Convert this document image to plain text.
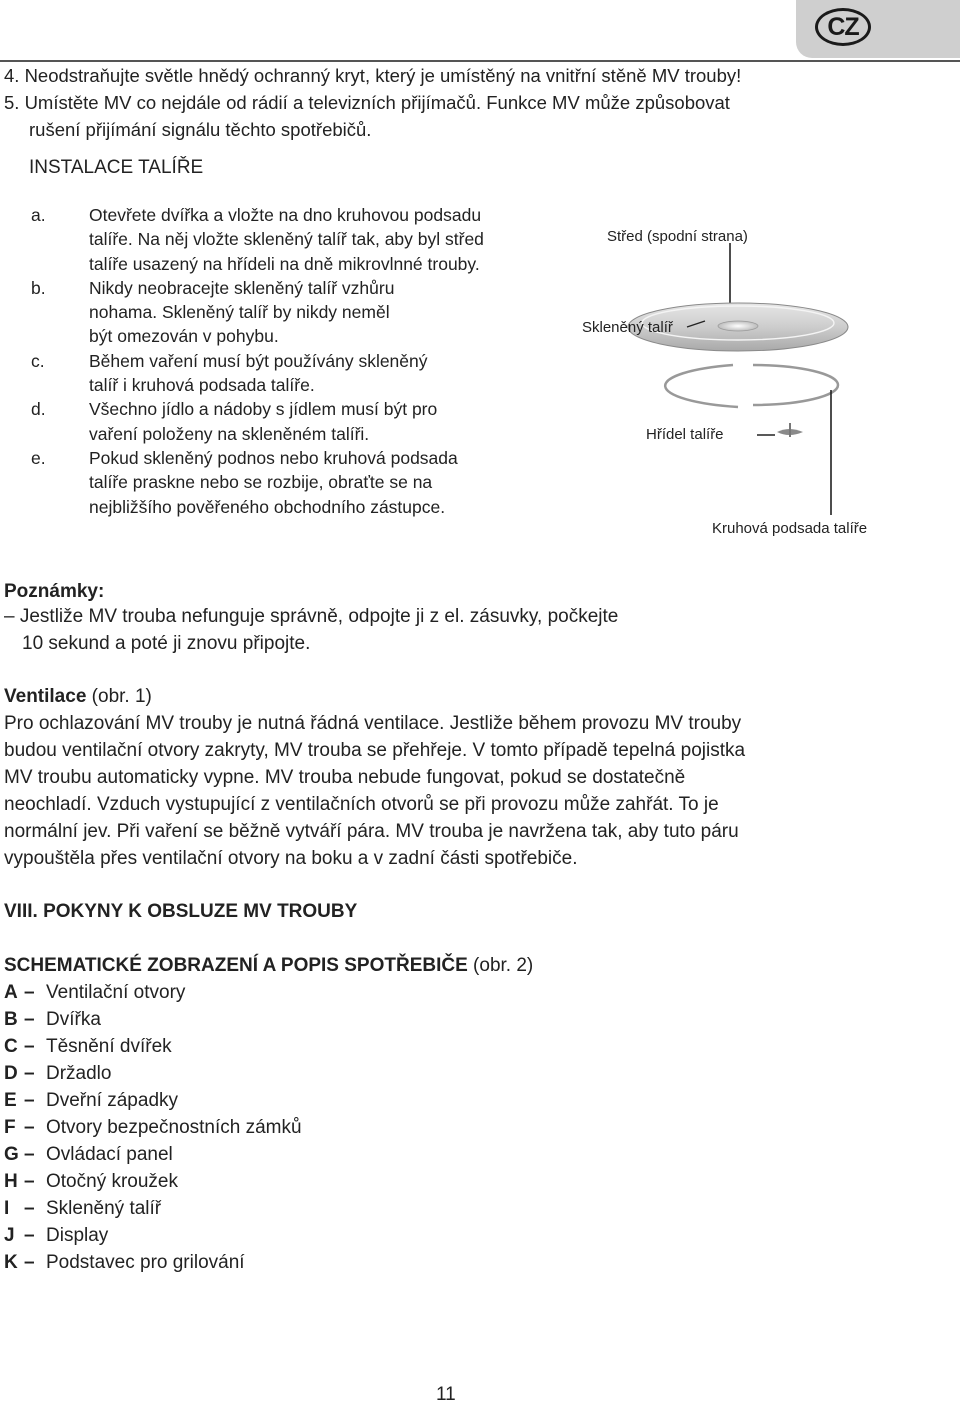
CZ
4. Neodstraňujte světle hnědý ochranný kryt, který je umístěný na vnitřní stěně MV trouby!
5. Umístěte MV co nejdále od rádií a televizních přijímačů. Funkce MV může způsobovat
rušení přijímání signálu těchto spotřebičů.
INSTALACE TALÍŘE
a. Otevřete dvířka a vložte na dno kruhovou podsadu
talíře. Na něj vložte skleněný talíř tak, aby byl střed
talíře usazený na hřídeli na dně mikrovlnné trouby.
b. Nikdy neobracejte skleněný talíř vzhůru
nohama. Skleněný talíř by nikdy neměl
být omezován v pohybu.
c.	Během vaření musí být používány skleněný
talíř i kruhová podsada talíře.
d. Všechno jídlo a nádoby s jídlem musí být pro
vaření položeny na skleněném talíři.
e. Pokud skleněný podnos nebo kruhová podsada
talíře praskne nebo se rozbije, obraťte se na
nejbližšího pověřeného obchodního zástupce.
Střed (spodní strana)
Skleněný talíř
Hřídel talíře
Kruhová podsada talíře
Poznámky:
– Jestliže MV trouba nefunguje správně, odpojte ji z el. zásuvky, počkejte
10 sekund a poté ji znovu připojte.
Ventilace (obr. 1)
Pro ochlazování MV trouby je nutná řádná ventilace. Jestliže během provozu MV trouby
budou ventilační otvory zakryty, MV trouba se přehřeje. V tomto případě tepelná pojistka
MV troubu automaticky vypne. MV trouba nebude fungovat, pokud se dostatečně
neochladí. Vzduch vystupující z ventilačních otvorů se při provozu může zahřát. To je
normální jev. Při vaření se běžně vytváří pára. MV trouba je navržena tak, aby tuto páru
vypouštěla přes ventilační otvory na boku a v zadní části spotřebiče.
VIII. POKYNY K OBSLUZE MV TROUBY
SCHEMATICKÉ ZOBRAZENÍ A POPIS SPOTŘEBIČE (obr. 2)
A – Ventilační otvory
B – Dvířka
C – Těsnění dvířek
D – Držadlo
E – Dveřní západky
F – Otvory bezpečnostních zámků
G – Ovládací panel
H – Otočný kroužek
I – Skleněný talíř
J – Display
K – Podstavec pro grilování
11
